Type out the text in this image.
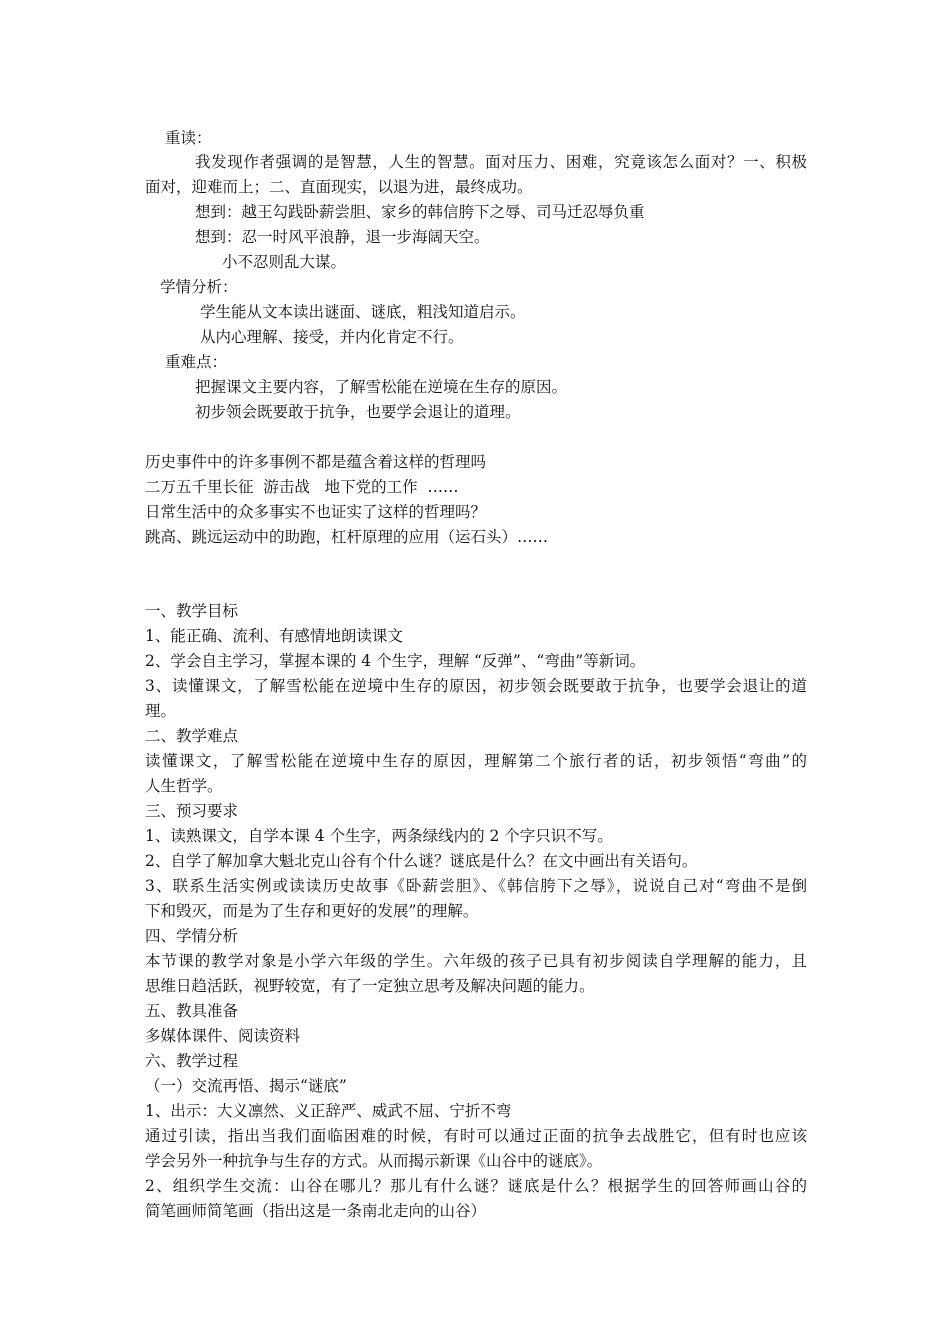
重读：
我发现作者强调的是智慧，人生的智慧。面对压力、困难，究竟该怎么面对？一、积极
面对，迎难而上；二、直面现实，以退为进，最终成功。
想到：越王勾践卧薪尝胆、家乡的韩信胯下之辱、司马迁忍辱负重
想到：忍一时风平浪静，退一步海阔天空。
小不忍则乱大谋。
学情分析：
学生能从文本读出谜面、谜底，粗浅知道启示。
从内心理解、接受，并内化肯定不行。
重难点：
把握课文主要内容，了解雪松能在逆境在生存的原因。
初步领会既要敢于抗争，也要学会退让的道理。
历史事件中的许多事例不都是蕴含着这样的哲理吗
二万五千里长征  游击战   地下党的工作  ……
日常生活中的众多事实不也证实了这样的哲理吗？
跳高、跳远运动中的助跑，杠杆原理的应用（运石头）……
一、教学目标
1、能正确、流利、有感情地朗读课文
2、学会自主学习，掌握本课的 4 个生字，理解 “反弹”、“弯曲”等新词。
3、读懂课文，了解雪松能在逆境中生存的原因，初步领会既要敢于抗争，也要学会退让的道
理。
二、教学难点
读懂课文，了解雪松能在逆境中生存的原因，理解第二个旅行者的话，初步领悟“弯曲”的
人生哲学。
三、预习要求
1、读熟课文，自学本课 4 个生字，两条绿线内的 2 个字只识不写。
2、自学了解加拿大魁北克山谷有个什么谜？谜底是什么？在文中画出有关语句。
3、联系生活实例或读读历史故事《卧薪尝胆》、《韩信胯下之辱》，说说自己对“弯曲不是倒
下和毁灭，而是为了生存和更好的发展”的理解。
四、学情分析
本节课的教学对象是小学六年级的学生。六年级的孩子已具有初步阅读自学理解的能力，且
思维日趋活跃，视野较宽，有了一定独立思考及解决问题的能力。
五、教具准备
多媒体课件、阅读资料
六、教学过程
（一）交流再悟、揭示“谜底”
1、出示：大义凛然、义正辞严、威武不屈、宁折不弯
通过引读，指出当我们面临困难的时候，有时可以通过正面的抗争去战胜它，但有时也应该
学会另外一种抗争与生存的方式。从而揭示新课《山谷中的谜底》。
2、组织学生交流：山谷在哪儿？那儿有什么谜？谜底是什么？根据学生的回答师画山谷的
简笔画师简笔画（指出这是一条南北走向的山谷）
